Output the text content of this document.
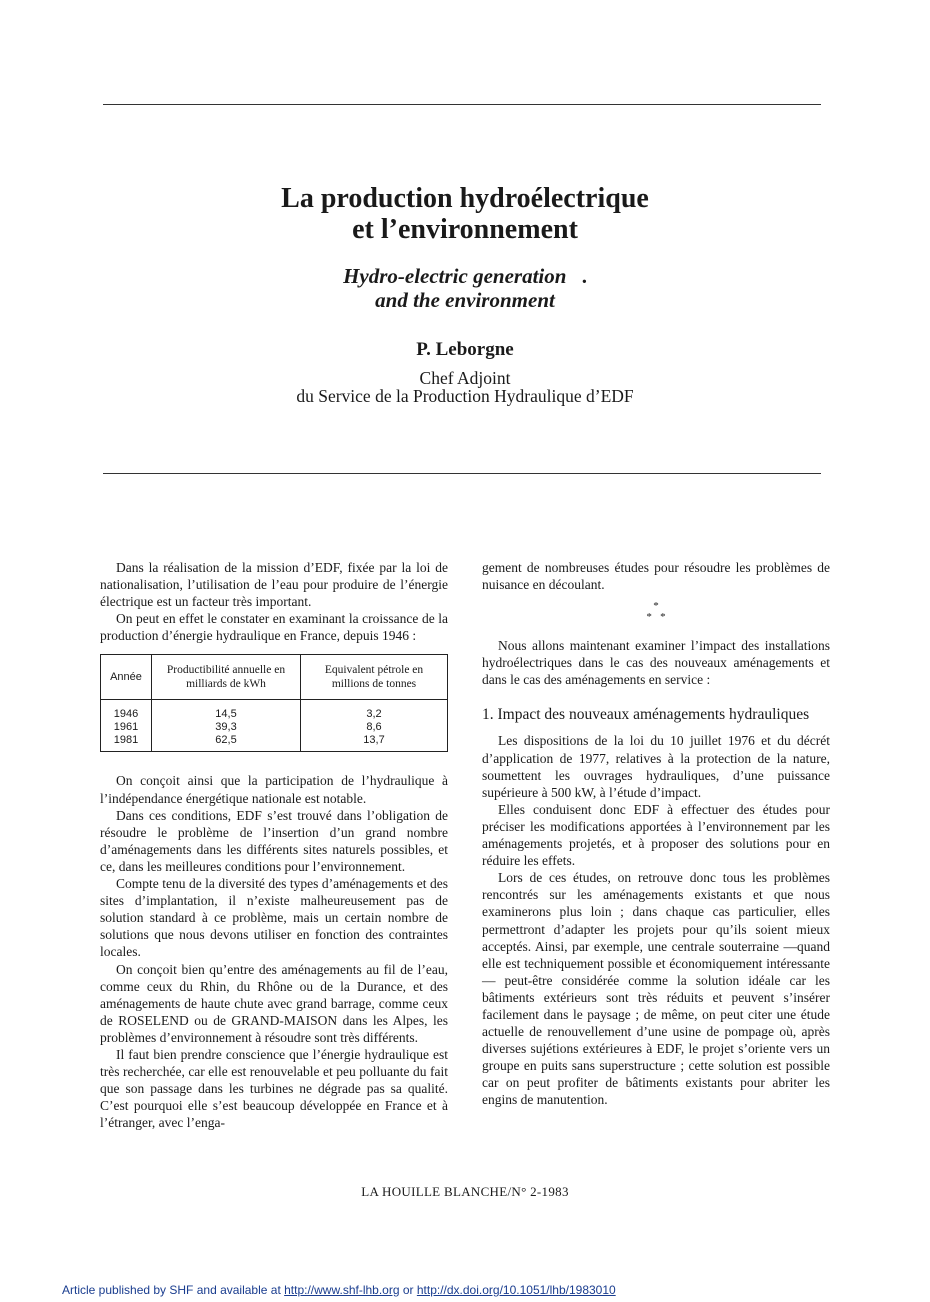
La production hydroélectrique
et l’environnement
Hydro-electric generation .
and the environment
P. Leborgne
Chef Adjoint
du Service de la Production Hydraulique d’EDF

Dans la réalisation de la mission d’EDF, fixée par la loi de nationalisation, l’utilisation de l’eau pour produire de l’énergie électrique est un facteur très important.

On peut en effet le constater en examinant la croissance de la production d’énergie hydraulique en France, depuis 1946 :

Année	Productibilité annuelle en milliards de kWh	Equivalent pétrole en millions de tonnes
1946	14,5	3,2
1961	39,3	8,6
1981	62,5	13,7

On conçoit ainsi que la participation de l’hydraulique à l’indépendance énergétique nationale est notable.

Dans ces conditions, EDF s’est trouvé dans l’obligation de résoudre le problème de l’insertion d’un grand nombre d’aménagements dans les différents sites naturels possibles, et ce, dans les meilleures conditions pour l’environnement.

Compte tenu de la diversité des types d’aménagements et des sites d’implantation, il n’existe malheureusement pas de solution standard à ce problème, mais un certain nombre de solutions que nous devons utiliser en fonction des contraintes locales.

On conçoit bien qu’entre des aménagements au fil de l’eau, comme ceux du Rhin, du Rhône ou de la Durance, et des aménagements de haute chute avec grand barrage, comme ceux de ROSELEND ou de GRAND-MAISON dans les Alpes, les problèmes d’environnement à résoudre sont très différents.

Il faut bien prendre conscience que l’énergie hydraulique est très recherchée, car elle est renouvelable et peu polluante du fait que son passage dans les turbines ne dégrade pas sa qualité. C’est pourquoi elle s’est beaucoup développée en France et à l’étranger, avec l’enga-

gement de nombreuses études pour résoudre les problèmes de nuisance en découlant.

*
*   *

Nous allons maintenant examiner l’impact des installations hydroélectriques dans le cas des nouveaux aménagements et dans le cas des aménagements en service :

1. Impact des nouveaux aménagements hydrauliques

Les dispositions de la loi du 10 juillet 1976 et du décrét d’application de 1977, relatives à la protection de la nature, soumettent les ouvrages hydrauliques, d’une puissance supérieure à 500 kW, à l’étude d’impact.

Elles conduisent donc EDF à effectuer des études pour préciser les modifications apportées à l’environnement par les aménagements projetés, et à proposer des solutions pour en réduire les effets.

Lors de ces études, on retrouve donc tous les problèmes rencontrés sur les aménagements existants et que nous examinerons plus loin ; dans chaque cas particulier, elles permettront d’adapter les projets pour qu’ils soient mieux acceptés. Ainsi, par exemple, une centrale souterraine —quand elle est techniquement possible et économiquement intéressante— peut-être considérée comme la solution idéale car les bâtiments extérieurs sont très réduits et peuvent s’insérer facilement dans le paysage ; de même, on peut citer une étude actuelle de renouvellement d’une usine de pompage où, après diverses sujétions extérieures à EDF, le projet s’oriente vers un groupe en puits sans superstructure ; cette solution est possible car on peut profiter de bâtiments existants pour abriter les engins de manutention.

LA HOUILLE BLANCHE/N° 2-1983
Article published by SHF and available at http://www.shf-lhb.org or http://dx.doi.org/10.1051/lhb/1983010
